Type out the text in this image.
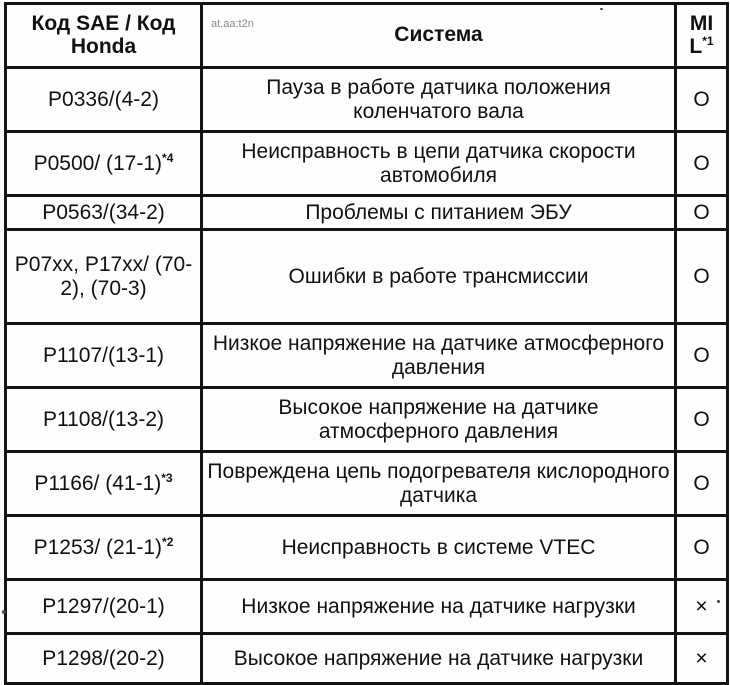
Код SAE / Код Honda	at.aa:t2n Система	MI $L^{*1}$
P0336/(4-2)	Пауза в работе датчика положения коленчатого вала	O
P0500/ $(17-1)^{*4}$	Неисправность в цепи датчика скорости автомобиля	O
P0563/(34-2)	Проблемы с питанием ЭБУ	O
P07xx, P17xx/ (70-2), (70-3)	Ошибки в работе трансмиссии	O
P1107/(13-1)	Низкое напряжение на датчике атмосферного давления	O
P1108/(13-2)	Высокое напряжение на датчике атмосферного давления	O
P1166/ $(41-1)^{*3}$	Повреждена цепь подогревателя кислородного датчика	O
P1253/ $(21-1)^{*2}$	Неисправность в системе VTEC	O
P1297/(20-1)	Низкое напряжение на датчике нагрузки	×
P1298/(20-2)	Высокое напряжение на датчике нагрузки	×
